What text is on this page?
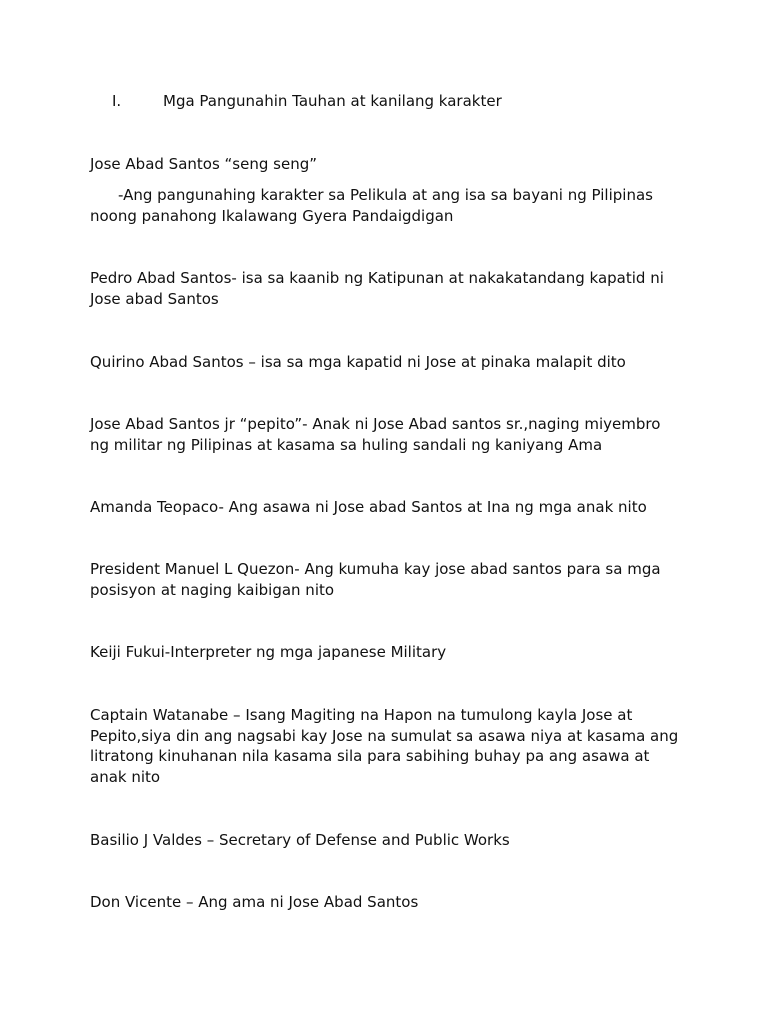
I.	Mga Pangunahin Tauhan at kanilang karakter

Jose Abad Santos “seng seng”

-Ang pangunahing karakter sa Pelikula at ang isa sa bayani ng Pilipinas noong panahong Ikalawang Gyera Pandaigdigan

Pedro Abad Santos- isa sa kaanib ng Katipunan at nakakatandang kapatid ni Jose abad Santos

Quirino Abad Santos – isa sa mga kapatid ni Jose at pinaka malapit dito

Jose Abad Santos jr “pepito”- Anak ni Jose Abad santos sr.,naging miyembro ng militar ng Pilipinas at kasama sa huling sandali ng kaniyang Ama

Amanda Teopaco- Ang asawa ni Jose abad Santos at Ina ng mga anak nito

President Manuel L Quezon- Ang kumuha kay jose abad santos para sa mga posisyon at naging kaibigan nito

Keiji Fukui-Interpreter ng mga japanese Military

Captain Watanabe – Isang Magiting na Hapon na tumulong kayla Jose at Pepito,siya din ang nagsabi kay Jose na sumulat sa asawa niya at kasama ang litratong kinuhanan nila kasama sila para sabihing buhay pa ang asawa at anak nito

Basilio J Valdes – Secretary of Defense and Public Works

Don Vicente – Ang ama ni Jose Abad Santos
